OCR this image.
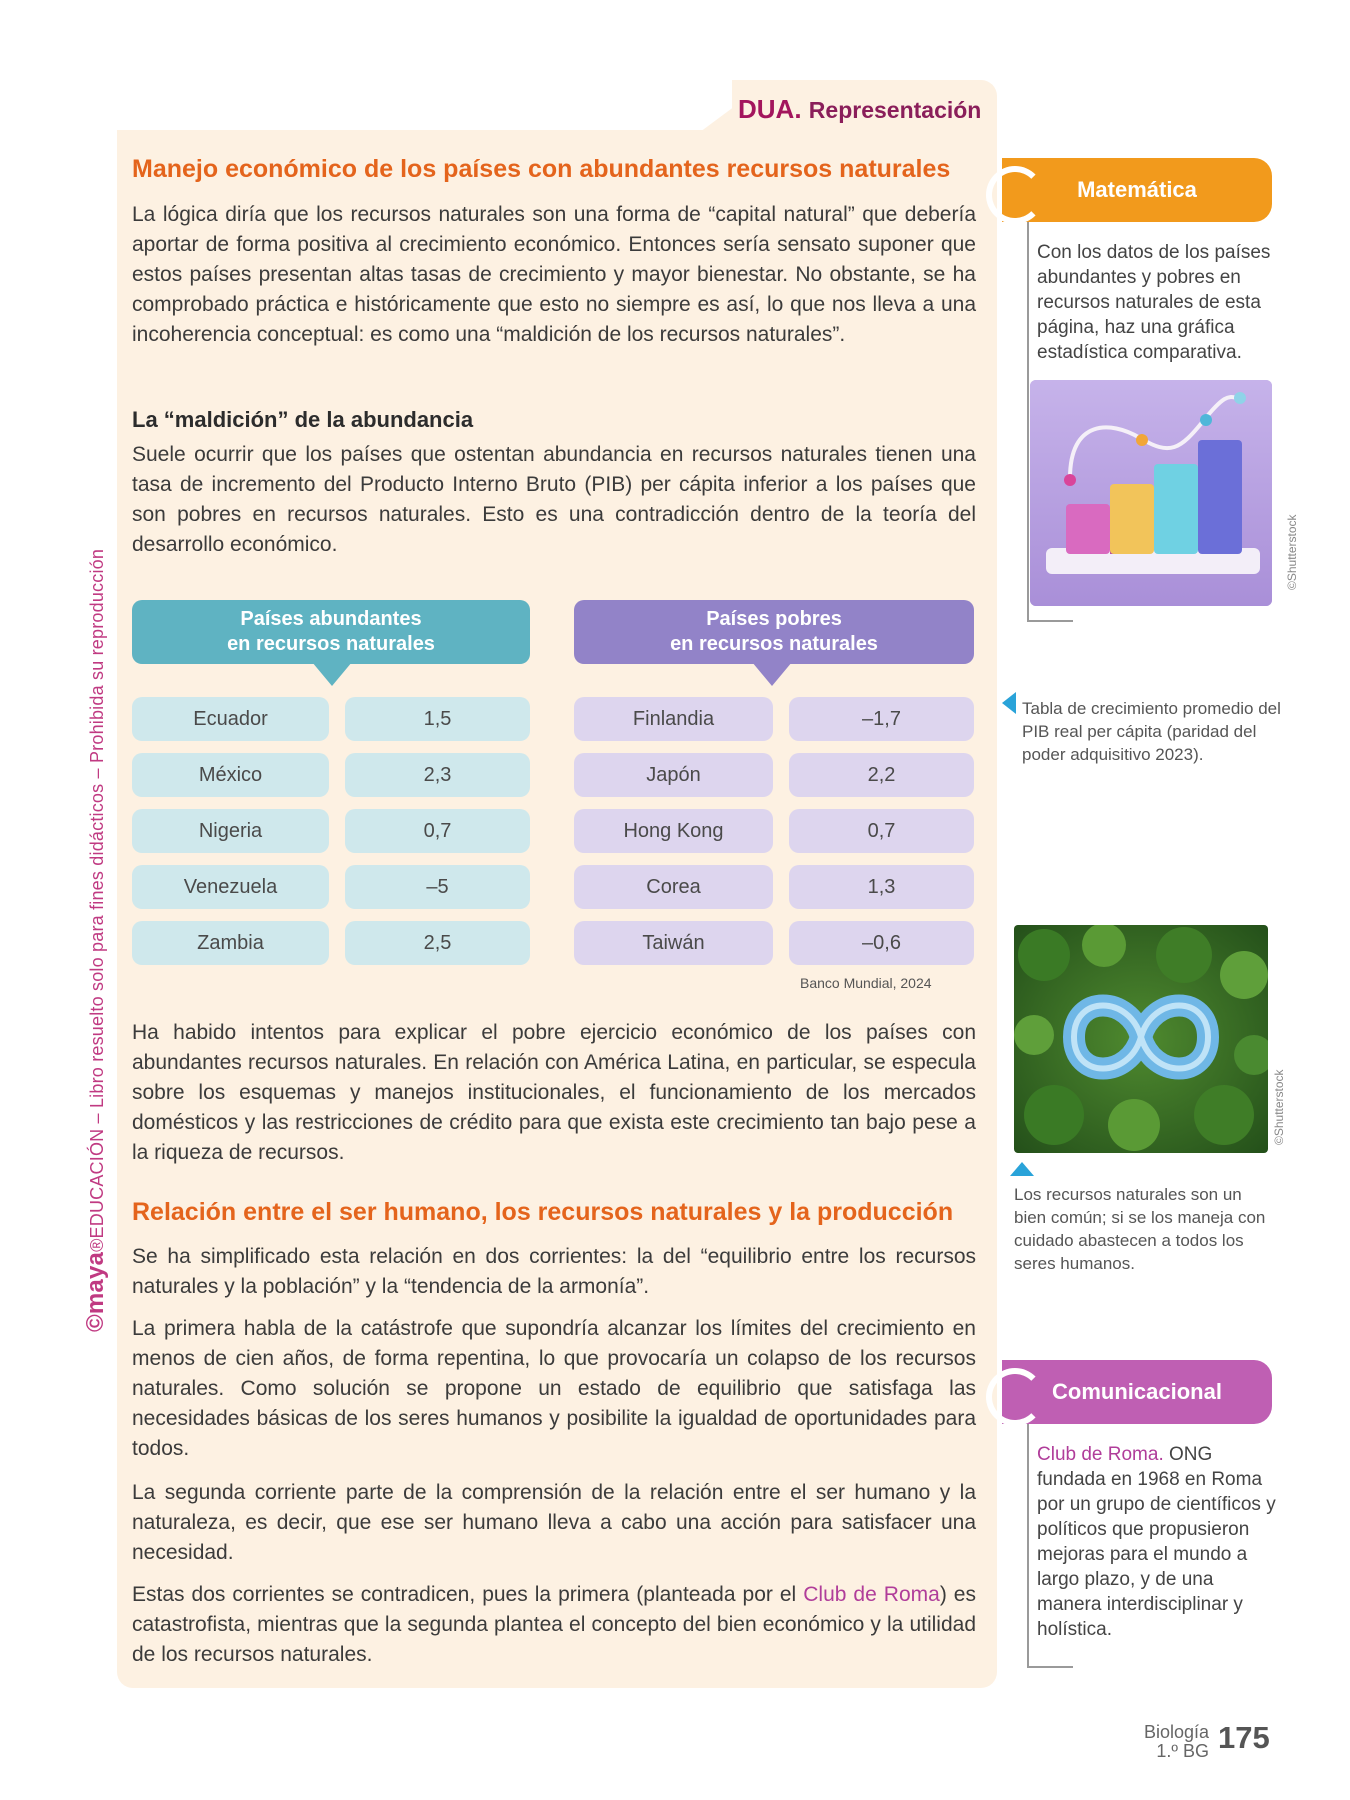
©maya®EDUCACIÓN – Libro resuelto solo para fines didácticos – Prohibida su reproducción
DUA. Representación
Manejo económico de los países con abundantes recursos naturales
La lógica diría que los recursos naturales son una forma de “capital natural” que debería aportar de forma positiva al crecimiento económico. Entonces sería sensato suponer que estos países presentan altas tasas de crecimiento y mayor bienestar. No obstante, se ha comprobado práctica e históricamente que esto no siempre es así, lo que nos lleva a una incoherencia conceptual: es como una “maldición de los recursos naturales”.
La “maldición” de la abundancia
Suele ocurrir que los países que ostentan abundancia en recursos naturales tienen una tasa de incremento del Producto Interno Bruto (PIB) per cápita inferior a los países que son pobres en recursos naturales. Esto es una contradicción dentro de la teoría del desarrollo económico.
Países abundantes
en recursos naturales
Países pobres
en recursos naturales
Ecuador	1,5
México	2,3
Nigeria	0,7
Venezuela	–5
Zambia	2,5
Finlandia	–1,7
Japón	2,2
Hong Kong	0,7
Corea	1,3
Taiwán	–0,6
Banco Mundial, 2024
Ha habido intentos para explicar el pobre ejercicio económico de los países con abundantes recursos naturales. En relación con América Latina, en particular, se especula sobre los esquemas y manejos institucionales, el funcionamiento de los mercados domésticos y las restricciones de crédito para que exista este crecimiento tan bajo pese a la riqueza de recursos.
Relación entre el ser humano, los recursos naturales y la producción
Se ha simplificado esta relación en dos corrientes: la del “equilibrio entre los recursos naturales y la población” y la “tendencia de la armonía”.
La primera habla de la catástrofe que supondría alcanzar los límites del crecimiento en menos de cien años, de forma repentina, lo que provocaría un colapso de los recursos naturales. Como solución se propone un estado de equilibrio que satisfaga las necesidades básicas de los seres humanos y posibilite la igualdad de oportunidades para todos.
La segunda corriente parte de la comprensión de la relación entre el ser humano y la naturaleza, es decir, que ese ser humano lleva a cabo una acción para satisfacer una necesidad.
Estas dos corrientes se contradicen, pues la primera (planteada por el Club de Roma) es catastrofista, mientras que la segunda plantea el concepto del bien económico y la utilidad de los recursos naturales.
Matemática
Con los datos de los países abundantes y pobres en recursos naturales de esta página, haz una gráfica estadística comparativa.
©Shutterstock
Tabla de crecimiento promedio del PIB real per cápita (paridad del poder adquisitivo 2023).
©Shutterstock
Los recursos naturales son un bien común; si se los maneja con cuidado abastecen a todos los seres humanos.
Comunicacional
Club de Roma. ONG fundada en 1968 en Roma por un grupo de científicos y políticos que propusieron mejoras para el mundo a largo plazo, y de una manera interdisciplinar y holística.
Biología
1.º BG 175
